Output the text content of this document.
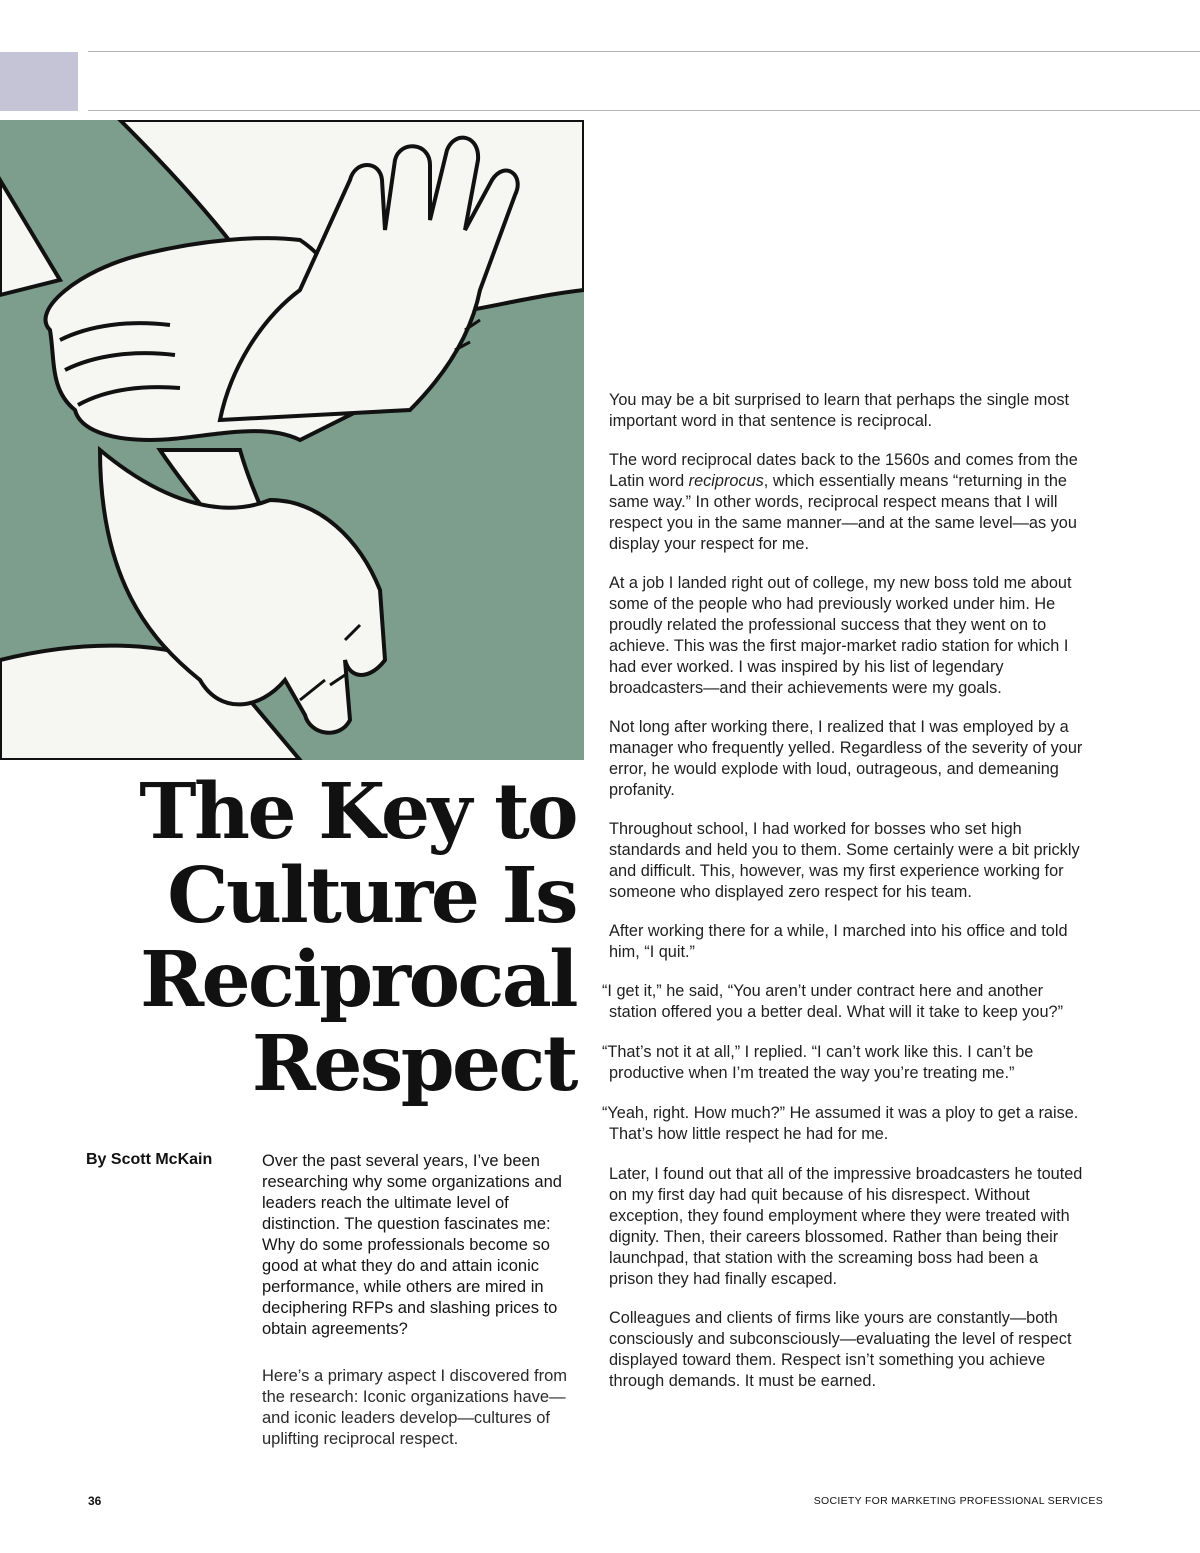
The Key to
Culture Is
Reciprocal
Respect
By Scott McKain	Over the past several years, I’ve been researching why some organizations and leaders reach the ultimate level of distinction. The question fascinates me: Why do some professionals become so good at what they do and attain iconic performance, while others are mired in deciphering RFPs and slashing prices to obtain agreements?

Here’s a primary aspect I discovered from the research: Iconic organizations have—and iconic leaders develop—cultures of uplifting reciprocal respect.

You may be a bit surprised to learn that perhaps the single most important word in that sentence is reciprocal.

The word reciprocal dates back to the 1560s and comes from the Latin word reciprocus, which essentially means “returning in the same way.” In other words, reciprocal respect means that I will respect you in the same manner—and at the same level—as you display your respect for me.

At a job I landed right out of college, my new boss told me about some of the people who had previously worked under him. He proudly related the professional success that they went on to achieve. This was the first major-market radio station for which I had ever worked. I was inspired by his list of legendary broadcasters—and their achievements were my goals.

Not long after working there, I realized that I was employed by a manager who frequently yelled. Regardless of the severity of your error, he would explode with loud, outrageous, and demeaning profanity.

Throughout school, I had worked for bosses who set high standards and held you to them. Some certainly were a bit prickly and difficult. This, however, was my first experience working for someone who displayed zero respect for his team.

After working there for a while, I marched into his office and told him, “I quit.”

“I get it,” he said, “You aren’t under contract here and another station offered you a better deal. What will it take to keep you?”

“That’s not it at all,” I replied. “I can’t work like this. I can’t be productive when I’m treated the way you’re treating me.”

“Yeah, right. How much?” He assumed it was a ploy to get a raise. That’s how little respect he had for me.

Later, I found out that all of the impressive broadcasters he touted on my first day had quit because of his disrespect. Without exception, they found employment where they were treated with dignity. Then, their careers blossomed. Rather than being their launchpad, that station with the screaming boss had been a prison they had finally escaped.

Colleagues and clients of firms like yours are constantly—both consciously and subconsciously—evaluating the level of respect displayed toward them. Respect isn’t something you achieve through demands. It must be earned.

36	SOCIETY FOR MARKETING PROFESSIONAL SERVICES
